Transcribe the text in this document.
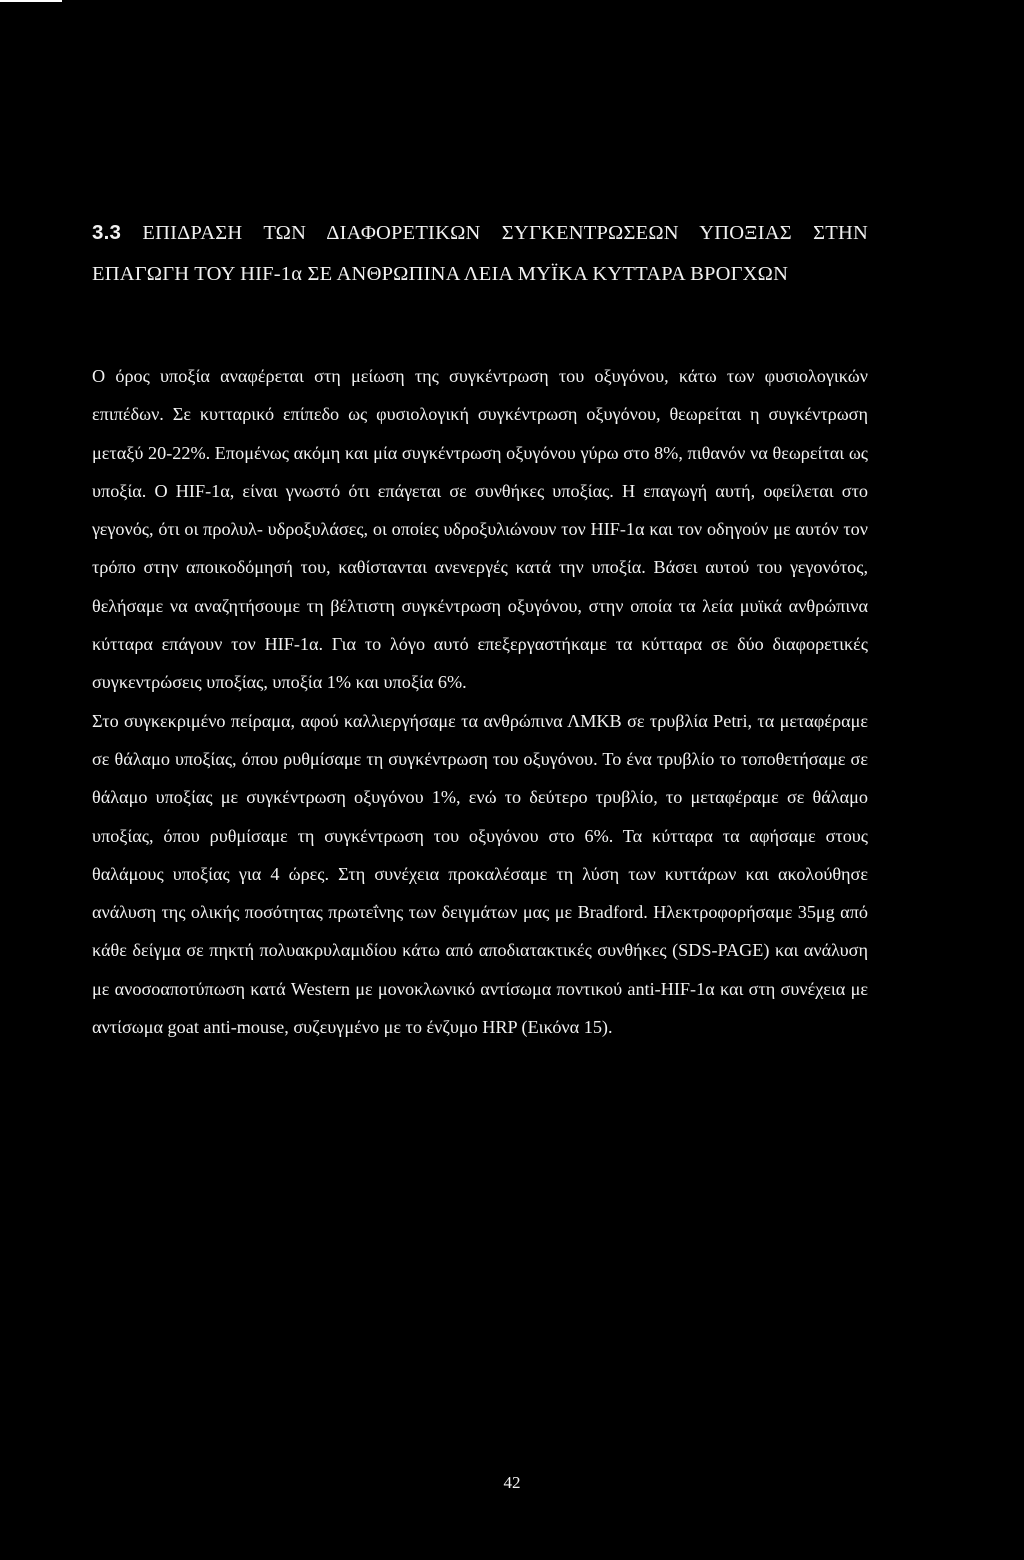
3.3 ΕΠΙΔΡΑΣΗ ΤΩΝ ΔΙΑΦΟΡΕΤΙΚΩΝ ΣΥΓΚΕΝΤΡΩΣΕΩΝ ΥΠΟΞΙΑΣ ΣΤΗΝ ΕΠΑΓΩΓΗ ΤΟΥ HIF-1α ΣΕ ΑΝΘΡΩΠΙΝΑ ΛΕΙΑ ΜΥΪΚΑ ΚΥΤΤΑΡΑ ΒΡΟΓΧΩΝ

Ο όρος υποξία αναφέρεται στη μείωση της συγκέντρωση του οξυγόνου, κάτω των φυσιολογικών επιπέδων. Σε κυτταρικό επίπεδο ως φυσιολογική συγκέντρωση οξυγόνου, θεωρείται η συγκέντρωση μεταξύ 20-22%. Επομένως ακόμη και μία συγκέντρωση οξυγόνου γύρω στο 8%, πιθανόν να θεωρείται ως υποξία. Ο HIF-1α, είναι γνωστό ότι επάγεται σε συνθήκες υποξίας. Η επαγωγή αυτή, οφείλεται στο γεγονός, ότι οι προλυλ- υδροξυλάσες, οι οποίες υδροξυλιώνουν τον HIF-1α και τον οδηγούν με αυτόν τον τρόπο στην αποικοδόμησή του, καθίστανται ανενεργές κατά την υποξία. Βάσει αυτού του γεγονότος, θελήσαμε να αναζητήσουμε τη βέλτιστη συγκέντρωση οξυγόνου, στην οποία τα λεία μυϊκά ανθρώπινα κύτταρα επάγουν τον HIF-1α. Για το λόγο αυτό επεξεργαστήκαμε τα κύτταρα σε δύο διαφορετικές συγκεντρώσεις υποξίας, υποξία 1% και υποξία 6%.

Στο συγκεκριμένο πείραμα, αφού καλλιεργήσαμε τα ανθρώπινα ΛΜΚΒ σε τρυβλία Petri, τα μεταφέραμε σε θάλαμο υποξίας, όπου ρυθμίσαμε τη συγκέντρωση του οξυγόνου. Το ένα τρυβλίο το τοποθετήσαμε σε θάλαμο υποξίας με συγκέντρωση οξυγόνου 1%, ενώ το δεύτερο τρυβλίο, το μεταφέραμε σε θάλαμο υποξίας, όπου ρυθμίσαμε τη συγκέντρωση του οξυγόνου στο 6%. Τα κύτταρα τα αφήσαμε στους θαλάμους υποξίας για 4 ώρες. Στη συνέχεια προκαλέσαμε τη λύση των κυττάρων και ακολούθησε ανάλυση της ολικής ποσότητας πρωτεΐνης των δειγμάτων μας με Bradford. Ηλεκτροφορήσαμε 35μg από κάθε δείγμα σε πηκτή πολυακρυλαμιδίου κάτω από αποδιατακτικές συνθήκες (SDS-PAGE) και ανάλυση με ανοσοαποτύπωση κατά Western με μονοκλωνικό αντίσωμα ποντικού anti-HIF-1α και στη συνέχεια με αντίσωμα goat anti-mouse, συζευγμένο με το ένζυμο HRP (Εικόνα 15).

42
